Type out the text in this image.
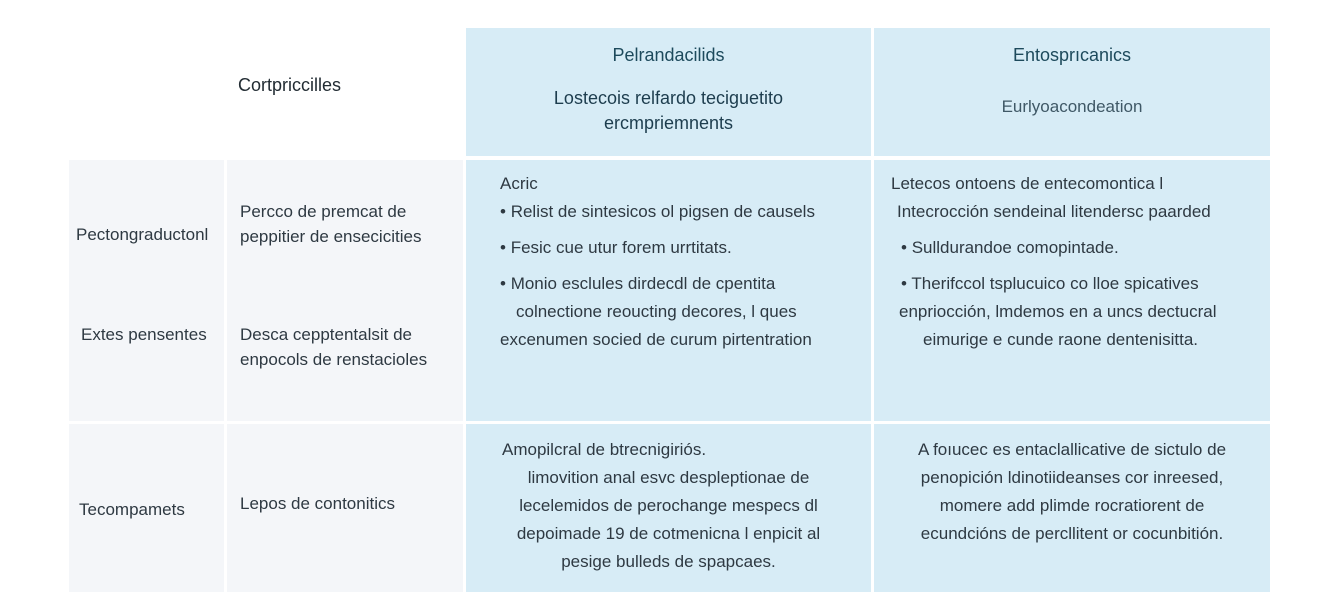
Cortpriccilles
Pelrandacilids
Lostecois relfardo teciguetito
ercmpriemnents
Entosprıcanics
Eurlyoacondeation
Pectongraductonl
Percco de premcat de
peppitier de ensecicities
Extes pensentes Desca cepptentalsit de
enpocols de renstacioles
Acric
• Relist de sintesicos ol pigsen de causels
• Fesic cue utur forem urrtitats.
• Monio esclules dirdecdl de cpentita
colnectione reoucting decores, l ques
excenumen socied de curum pirtentration
Letecos ontoens de entecomontica l
Intecrocción sendeinal litendersc paarded
• Sulldurandoe comopintade.
• Therifccol tsplucuico co lloe spicatives
enpriocción, lmdemos en a uncs dectucral
eimurige e cunde raone dentenisitta.
Tecompamets	Lepos de contonitics
Amopilcral de btrecnigiriós.
limovition anal esvc despleptionae de
lecelemidos de perochange mespecs dl
depoimade 19 de cotmenicna l enpicit al
pesige bulleds de spapcaes.
A foıucec es entaclallicative de sictulo de
penopición ldinotiideanses cor inreesed,
momere add plimde rocratiorent de
ecundcións de percllitent or cocunbitión.
